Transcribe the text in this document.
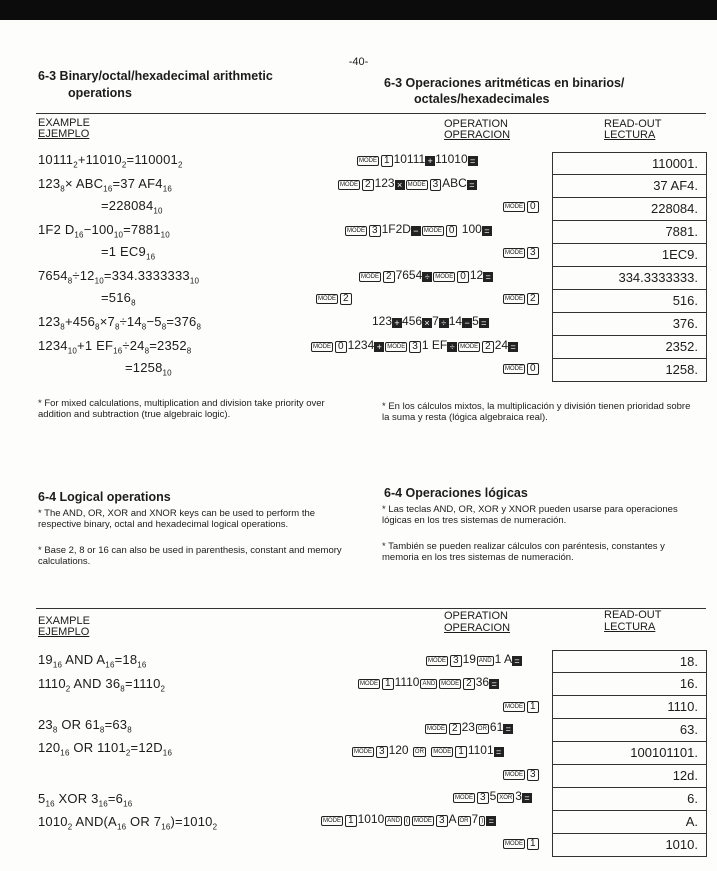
-40-
6-3 Binary/octal/hexadecimal arithmetic
operations
6-3 Operaciones aritméticas en binarios/
octales/hexadecimales
EXAMPLE
EJEMPLO
OPERATION
OPERACION
READ-OUT
LECTURA
$10111_2+11010_2=110001_2$
$123_8\times ABC_{16}=37$ $AF4_{16}$
$=228084_{10}$
1F2 $D_{16}-100_{10}=7881_{10}$
=1 $EC9_{16}$
$7654_8\div 12_{10}=334.3333333_{10}$
$=516_8$
$123_8+456_8\times 7_8\div 14_8-5_8=376_8$
$1234_{10}+1$ $EF_{16}\div 24_8=2352_8$
$=1258_{10}$
MODE 1 10111 + 11010 =
MODE 2 123 × MODE 3 ABC =
MODE 0
MODE 3 1F2D − MODE 0 100 =
MODE 3
MODE 2 7654 ÷ MODE 0 12 =
MODE 2	MODE 2
123 + 456 × 7 ÷ 14 − 5 =
MODE 0 1234 + MODE 3 1 EF ÷ MODE 2 24 =
MODE 0
110001.
37 AF4.
228084.
7881.
1EC9.
334.3333333.
516.
376.
2352.
1258.
* For mixed calculations, multiplication and division take priority over addition and subtraction (true algebraic logic).
* En los cálculos mixtos, la multiplicación y división tienen prioridad sobre la suma y resta (lógica algebraica real).
6-4 Logical operations	6-4 Operaciones lógicas
* The AND, OR, XOR and XNOR keys can be used to perform the respective binary, octal and hexadecimal logical operations.
* Base 2, 8 or 16 can also be used in parenthesis, constant and memory calculations.
* Las teclas AND, OR, XOR y XNOR pueden usarse para operaciones lógicas en los tres sistemas de numeración.
* También se pueden realizar cálculos con paréntesis, constantes y memoria en los tres sistemas de numeración.
EXAMPLE
EJEMPLO
OPERATION
OPERACION
READ-OUT
LECTURA
$19_{16}$ AND $A_{16}=18_{16}$
$1110_2$ AND $36_8=1110_2$
$23_8$ OR $61_8=63_8$
$120_{16}$ OR $1101_2=12D_{16}$
$5_{16}$ XOR $3_{16}=6_{16}$
$1010_2$ $AND(A_{16}$ OR $7_{16})=1010_2$
MODE 3 19 AND 1 A =
MODE 1 1110 AND MODE 2 36 =
MODE 1
MODE 2 23 OR 61 =
MODE 3 120 OR MODE 1 1101 =
MODE 3
MODE 3 5 XOR 3 =
MODE 1 1010 AND ( MODE 3 A OR 7 ) =
MODE 1
18.
16.
1110.
63.
100101101.
12d.
6.
A.
1010.
